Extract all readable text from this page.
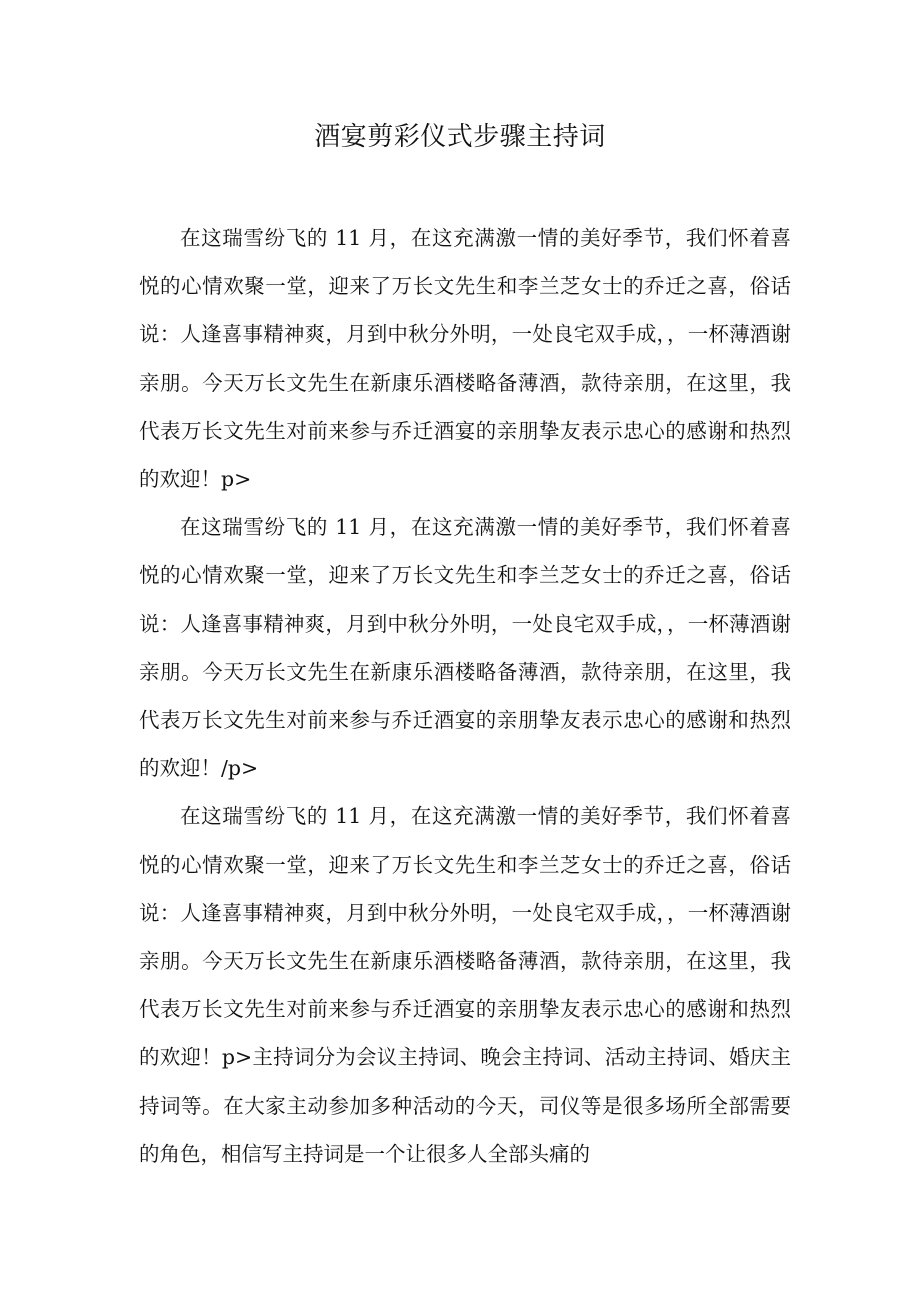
酒宴剪彩仪式步骤主持词

在这瑞雪纷飞的 11 月，在这充满激一情的美好季节，我们怀着喜悦的心情欢聚一堂，迎来了万长文先生和李兰芝女士的乔迁之喜，俗话说：人逢喜事精神爽，月到中秋分外明，一处良宅双手成，，一杯薄酒谢亲朋。今天万长文先生在新康乐酒楼略备薄酒，款待亲朋，在这里，我代表万长文先生对前来参与乔迁酒宴的亲朋挚友表示忠心的感谢和热烈的欢迎！p>

在这瑞雪纷飞的 11 月，在这充满激一情的美好季节，我们怀着喜悦的心情欢聚一堂，迎来了万长文先生和李兰芝女士的乔迁之喜，俗话说：人逢喜事精神爽，月到中秋分外明，一处良宅双手成，，一杯薄酒谢亲朋。今天万长文先生在新康乐酒楼略备薄酒，款待亲朋，在这里，我代表万长文先生对前来参与乔迁酒宴的亲朋挚友表示忠心的感谢和热烈的欢迎！/p>

在这瑞雪纷飞的 11 月，在这充满激一情的美好季节，我们怀着喜悦的心情欢聚一堂，迎来了万长文先生和李兰芝女士的乔迁之喜，俗话说：人逢喜事精神爽，月到中秋分外明，一处良宅双手成，，一杯薄酒谢亲朋。今天万长文先生在新康乐酒楼略备薄酒，款待亲朋，在这里，我代表万长文先生对前来参与乔迁酒宴的亲朋挚友表示忠心的感谢和热烈的欢迎！p>主持词分为会议主持词、晚会主持词、活动主持词、婚庆主持词等。在大家主动参加多种活动的今天，司仪等是很多场所全部需要的角色，相信写主持词是一个让很多人全部头痛的
